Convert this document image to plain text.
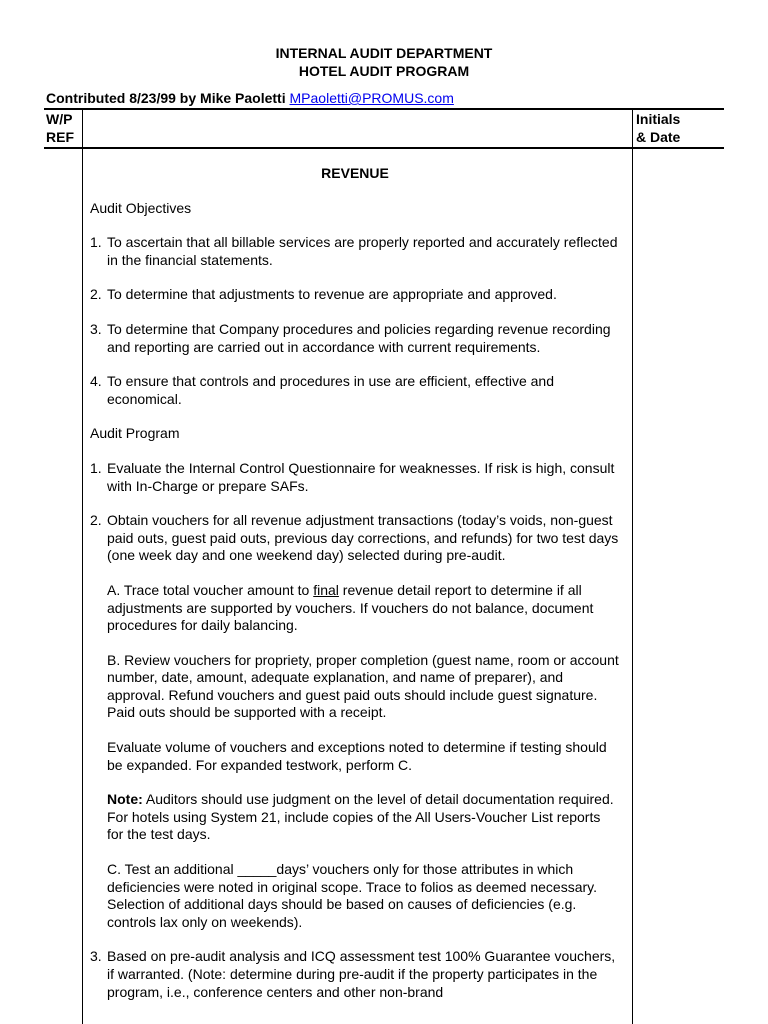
INTERNAL AUDIT DEPARTMENT
HOTEL AUDIT PROGRAM
Contributed 8/23/99 by Mike Paoletti MPaoletti@PROMUS.com
W/P
REF
Initials
& Date

REVENUE

Audit Objectives

1. To ascertain that all billable services are properly reported and accurately reflected in the financial statements.
2. To determine that adjustments to revenue are appropriate and approved.
3. To determine that Company procedures and policies regarding revenue recording and reporting are carried out in accordance with current requirements.
4. To ensure that controls and procedures in use are efficient, effective and economical.

Audit Program

1. Evaluate the Internal Control Questionnaire for weaknesses. If risk is high, consult with In-Charge or prepare SAFs.
2. Obtain vouchers for all revenue adjustment transactions (today’s voids, non-guest paid outs, guest paid outs, previous day corrections, and refunds) for two test days (one week day and one weekend day) selected during pre-audit.

A. Trace total voucher amount to final revenue detail report to determine if all adjustments are supported by vouchers. If vouchers do not balance, document procedures for daily balancing.

B. Review vouchers for propriety, proper completion (guest name, room or account number, date, amount, adequate explanation, and name of preparer), and approval. Refund vouchers and guest paid outs should include guest signature. Paid outs should be supported with a receipt.

Evaluate volume of vouchers and exceptions noted to determine if testing should be expanded. For expanded testwork, perform C.

Note: Auditors should use judgment on the level of detail documentation required. For hotels using System 21, include copies of the All Users-Voucher List reports for the test days.

C. Test an additional _____days’ vouchers only for those attributes in which deficiencies were noted in original scope. Trace to folios as deemed necessary. Selection of additional days should be based on causes of deficiencies (e.g. controls lax only on weekends).

3. Based on pre-audit analysis and ICQ assessment test 100% Guarantee vouchers, if warranted. (Note: determine during pre-audit if the property participates in the program, i.e., conference centers and other non-brand
